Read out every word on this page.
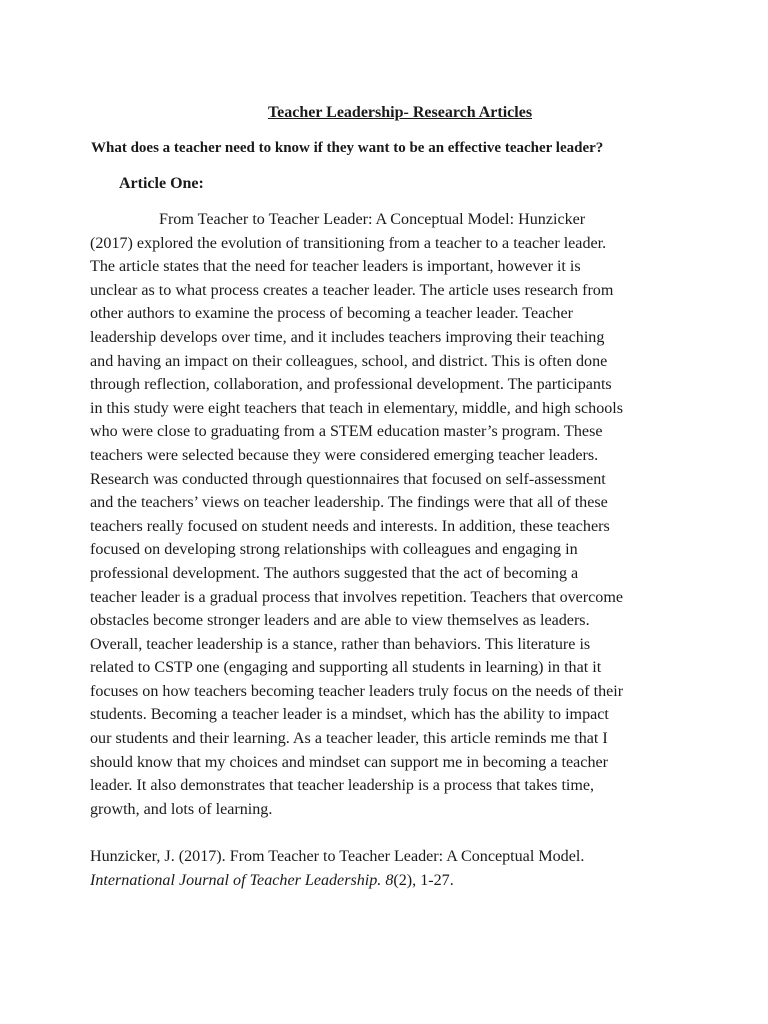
Teacher Leadership- Research Articles

What does a teacher need to know if they want to be an effective teacher leader?

Article One:
From Teacher to Teacher Leader: A Conceptual Model: Hunzicker
(2017) explored the evolution of transitioning from a teacher to a teacher leader.
The article states that the need for teacher leaders is important, however it is
unclear as to what process creates a teacher leader. The article uses research from
other authors to examine the process of becoming a teacher leader. Teacher
leadership develops over time, and it includes teachers improving their teaching
and having an impact on their colleagues, school, and district. This is often done
through reflection, collaboration, and professional development. The participants
in this study were eight teachers that teach in elementary, middle, and high schools
who were close to graduating from a STEM education master’s program. These
teachers were selected because they were considered emerging teacher leaders.
Research was conducted through questionnaires that focused on self-assessment
and the teachers’ views on teacher leadership. The findings were that all of these
teachers really focused on student needs and interests. In addition, these teachers
focused on developing strong relationships with colleagues and engaging in
professional development. The authors suggested that the act of becoming a
teacher leader is a gradual process that involves repetition. Teachers that overcome
obstacles become stronger leaders and are able to view themselves as leaders.
Overall, teacher leadership is a stance, rather than behaviors. This literature is
related to CSTP one (engaging and supporting all students in learning) in that it
focuses on how teachers becoming teacher leaders truly focus on the needs of their
students. Becoming a teacher leader is a mindset, which has the ability to impact
our students and their learning. As a teacher leader, this article reminds me that I
should know that my choices and mindset can support me in becoming a teacher
leader. It also demonstrates that teacher leadership is a process that takes time,
growth, and lots of learning.
Hunzicker, J. (2017). From Teacher to Teacher Leader: A Conceptual Model.
International Journal of Teacher Leadership. 8(2), 1-27.
